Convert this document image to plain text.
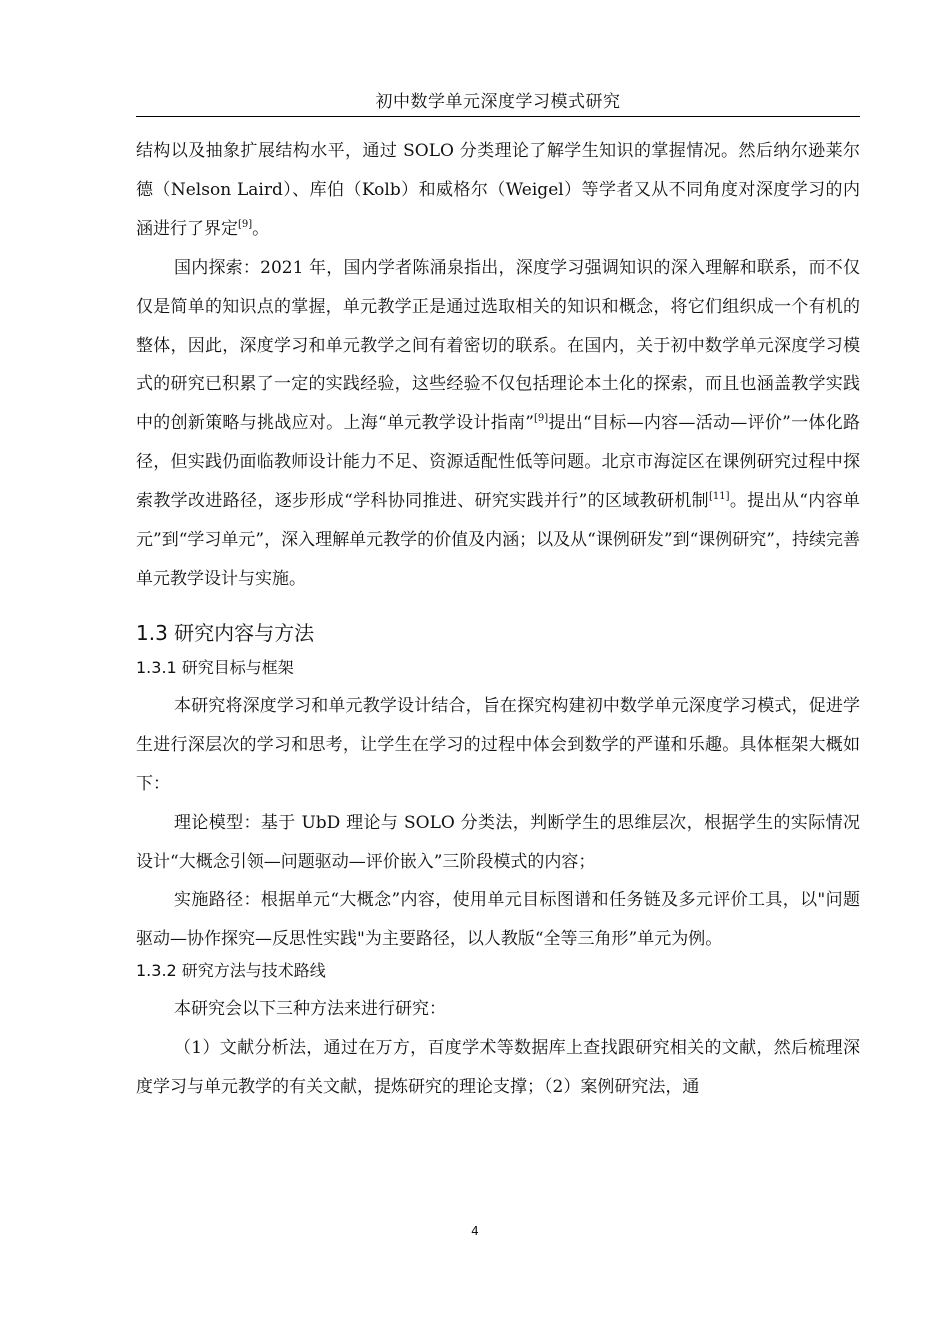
初中数学单元深度学习模式研究

结构以及抽象扩展结构水平，通过 SOLO 分类理论了解学生知识的掌握情况。然后纳尔逊莱尔德（Nelson Laird）、库伯（Kolb）和威格尔（Weigel）等学者又从不同角度对深度学习的内涵进行了界定[9]。

国内探索：2021 年，国内学者陈涌泉指出，深度学习强调知识的深入理解和联系，而不仅仅是简单的知识点的掌握，单元教学正是通过选取相关的知识和概念，将它们组织成一个有机的整体，因此，深度学习和单元教学之间有着密切的联系。在国内，关于初中数学单元深度学习模式的研究已积累了一定的实践经验，这些经验不仅包括理论本土化的探索，而且也涵盖教学实践中的创新策略与挑战应对。上海“单元教学设计指南”[9]提出“目标—内容—活动—评价”一体化路径，但实践仍面临教师设计能力不足、资源适配性低等问题。北京市海淀区在课例研究过程中探索教学改进路径，逐步形成“学科协同推进、研究实践并行”的区域教研机制[11]。提出从“内容单元”到“学习单元”，深入理解单元教学的价值及内涵；以及从“课例研发”到“课例研究”，持续完善单元教学设计与实施。

1.3 研究内容与方法
1.3.1 研究目标与框架

本研究将深度学习和单元教学设计结合，旨在探究构建初中数学单元深度学习模式，促进学生进行深层次的学习和思考，让学生在学习的过程中体会到数学的严谨和乐趣。具体框架大概如下：

理论模型：基于 UbD 理论与 SOLO 分类法，判断学生的思维层次，根据学生的实际情况设计“大概念引领—问题驱动—评价嵌入”三阶段模式的内容；

实施路径：根据单元“大概念”内容，使用单元目标图谱和任务链及多元评价工具，以"问题驱动—协作探究—反思性实践"为主要路径，以人教版“全等三角形”单元为例。

1.3.2 研究方法与技术路线

本研究会以下三种方法来进行研究：

（1）文献分析法，通过在万方，百度学术等数据库上查找跟研究相关的文献，然后梳理深度学习与单元教学的有关文献，提炼研究的理论支撑；（2）案例研究法，通

4
